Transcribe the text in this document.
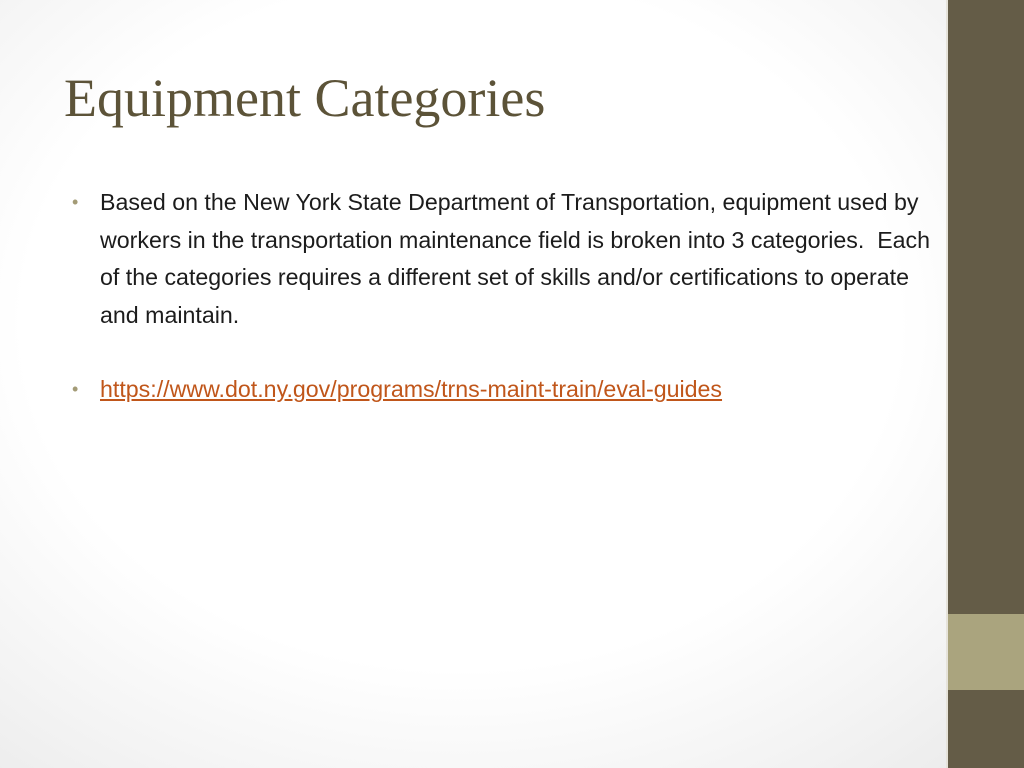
Equipment Categories
• Based on the New York State Department of Transportation, equipment used by workers in the transportation maintenance field is broken into 3 categories.  Each of the categories requires a different set of skills and/or certifications to operate and maintain.
• https://www.dot.ny.gov/programs/trns-maint-train/eval-guides
